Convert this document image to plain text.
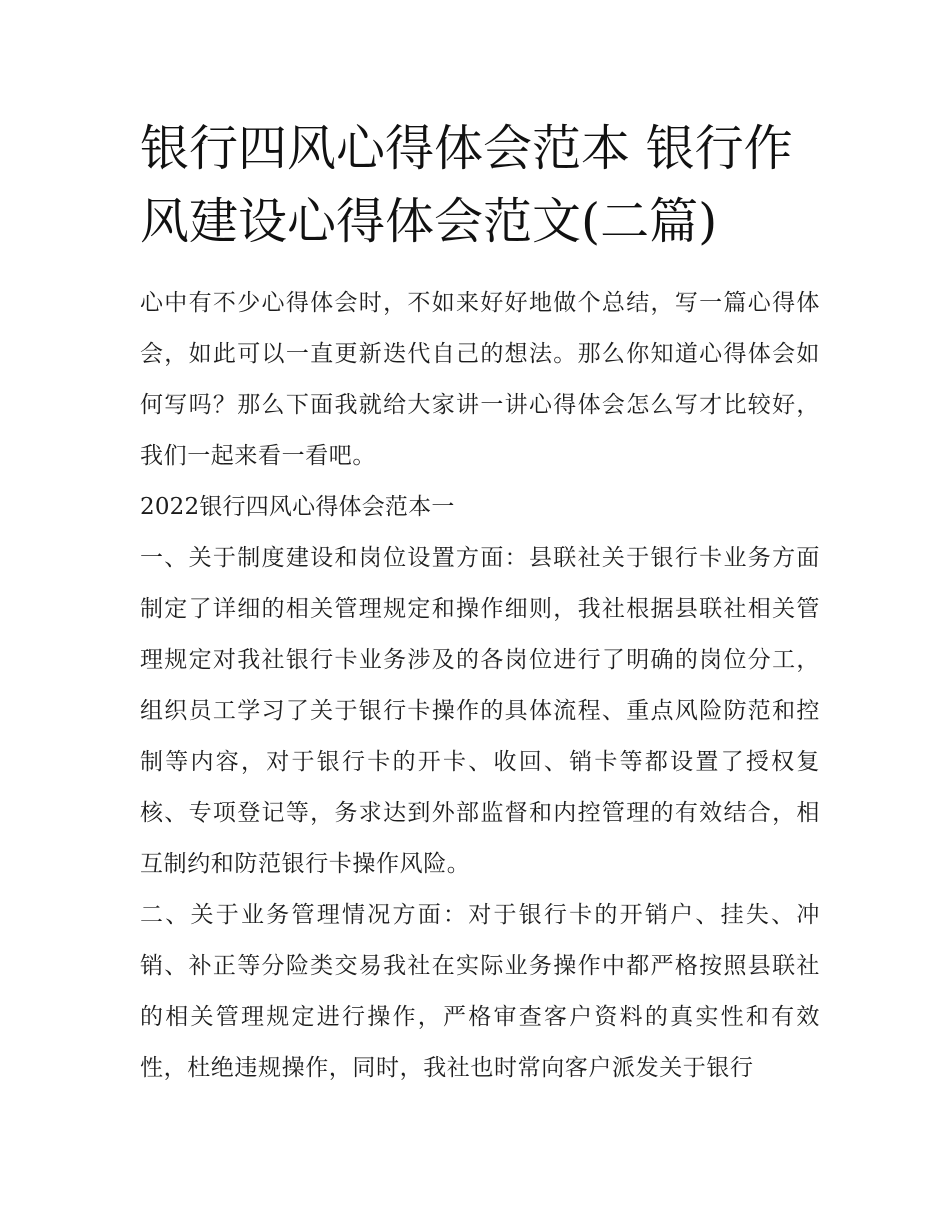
银行四风心得体会范本 银行作风建设心得体会范文(二篇)

心中有不少心得体会时，不如来好好地做个总结，写一篇心得体会，如此可以一直更新迭代自己的想法。那么你知道心得体会如何写吗？那么下面我就给大家讲一讲心得体会怎么写才比较好，我们一起来看一看吧。

2022银行四风心得体会范本一

一、关于制度建设和岗位设置方面：县联社关于银行卡业务方面制定了详细的相关管理规定和操作细则，我社根据县联社相关管理规定对我社银行卡业务涉及的各岗位进行了明确的岗位分工，组织员工学习了关于银行卡操作的具体流程、重点风险防范和控制等内容，对于银行卡的开卡、收回、销卡等都设置了授权复核、专项登记等，务求达到外部监督和内控管理的有效结合，相互制约和防范银行卡操作风险。

二、关于业务管理情况方面：对于银行卡的开销户、挂失、冲销、补正等分险类交易我社在实际业务操作中都严格按照县联社的相关管理规定进行操作，严格审查客户资料的真实性和有效性，杜绝违规操作，同时，我社也时常向客户派发关于银行
